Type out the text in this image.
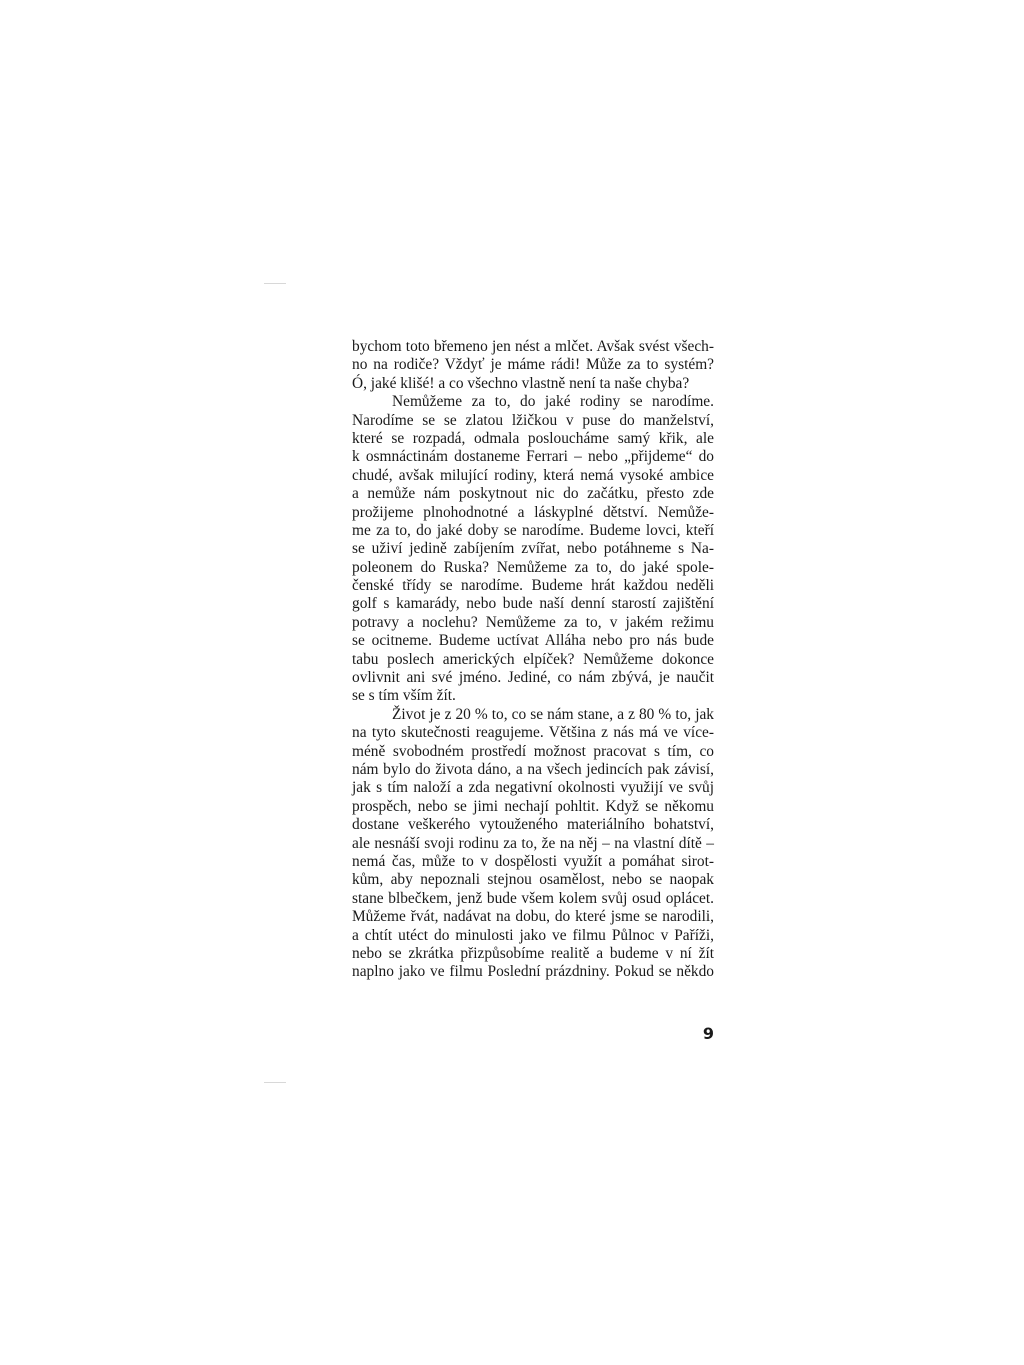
bychom toto břemeno jen nést a mlčet. Avšak svést všech-
no na rodiče? Vždyť je máme rádi! Může za to systém?
Ó, jaké klišé! a co všechno vlastně není ta naše chyba?
Nemůžeme za to, do jaké rodiny se narodíme.
Narodíme se se zlatou lžičkou v puse do manželství,
které se rozpadá, odmala posloucháme samý křik, ale
k osmnáctinám dostaneme Ferrari – nebo „přijdeme“ do
chudé, avšak milující rodiny, která nemá vysoké ambice
a nemůže nám poskytnout nic do začátku, přesto zde
prožijeme plnohodnotné a láskyplné dětství. Nemůže-
me za to, do jaké doby se narodíme. Budeme lovci, kteří
se uživí jedině zabíjením zvířat, nebo potáhneme s Na-
poleonem do Ruska? Nemůžeme za to, do jaké spole-
čenské třídy se narodíme. Budeme hrát každou neděli
golf s kamarády, nebo bude naší denní starostí zajištění
potravy a noclehu? Nemůžeme za to, v jakém režimu
se ocitneme. Budeme uctívat Alláha nebo pro nás bude
tabu poslech amerických elpíček? Nemůžeme dokonce
ovlivnit ani své jméno. Jediné, co nám zbývá, je naučit
se s tím vším žít.
Život je z 20 % to, co se nám stane, a z 80 % to, jak
na tyto skutečnosti reagujeme. Většina z nás má ve více-
méně svobodném prostředí možnost pracovat s tím, co
nám bylo do života dáno, a na všech jedincích pak závisí,
jak s tím naloží a zda negativní okolnosti využijí ve svůj
prospěch, nebo se jimi nechají pohltit. Když se někomu
dostane veškerého vytouženého materiálního bohatství,
ale nesnáší svoji rodinu za to, že na něj – na vlastní dítě –
nemá čas, může to v dospělosti využít a pomáhat sirot-
kům, aby nepoznali stejnou osamělost, nebo se naopak
stane blbečkem, jenž bude všem kolem svůj osud oplácet.
Můžeme řvát, nadávat na dobu, do které jsme se narodili,
a chtít utéct do minulosti jako ve filmu Půlnoc v Paříži,
nebo se zkrátka přizpůsobíme realitě a budeme v ní žít
naplno jako ve filmu Poslední prázdniny. Pokud se někdo
9
